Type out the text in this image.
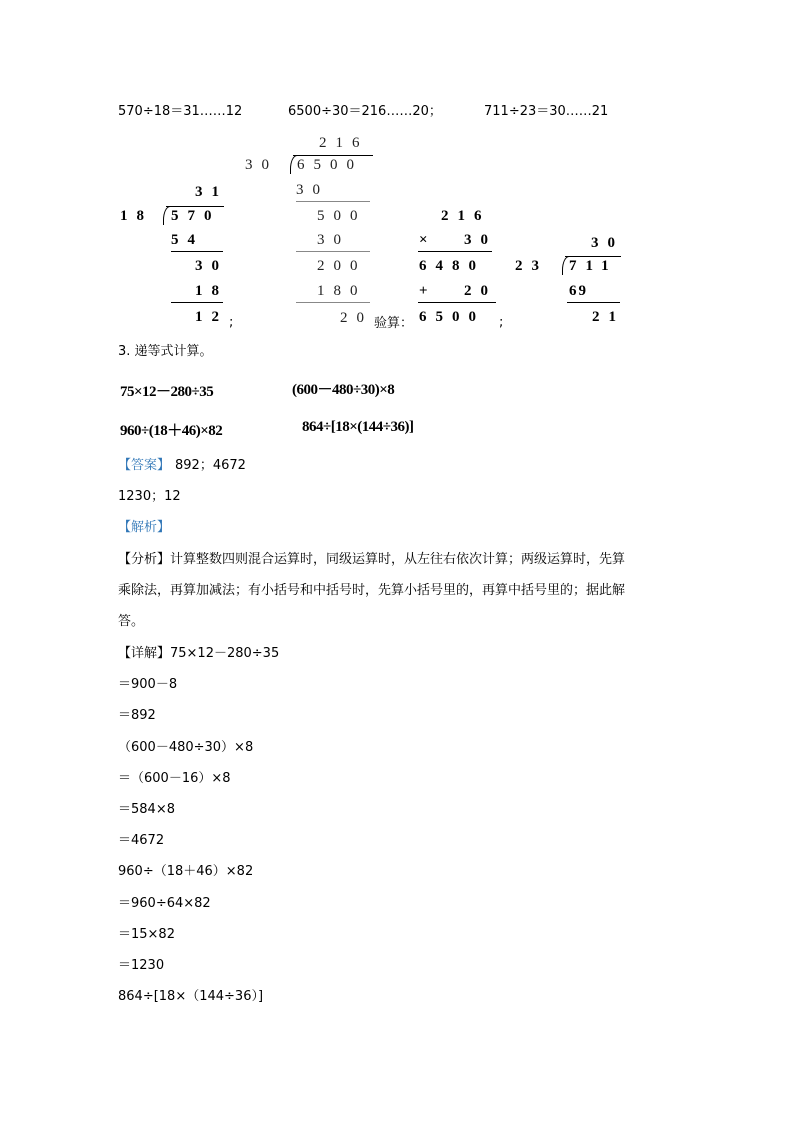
570÷18＝31……12	6500÷30＝216……20；	711÷23＝30……21
31
18 570
54
30
18
12 ;
216
30 6500
30
500
30
200
180
20 验算：
216
× 30
6480
+ 20
6500 ;
30
23 711
69
21
3. 递等式计算。
75×12－280÷35	(600－480÷30)×8
960÷(18＋46)×82	864÷[18×(144÷36)]
【答案】 892；4672
1230；12
【解析】
【分析】计算整数四则混合运算时，同级运算时，从左往右依次计算；两级运算时，先算
乘除法，再算加减法；有小括号和中括号时，先算小括号里的，再算中括号里的；据此解
答。
【详解】75×12－280÷35
＝900－8
＝892
（600－480÷30）×8
＝（600－16）×8
＝584×8
＝4672
960÷（18＋46）×82
＝960÷64×82
＝15×82
＝1230
864÷[18×（144÷36）]
